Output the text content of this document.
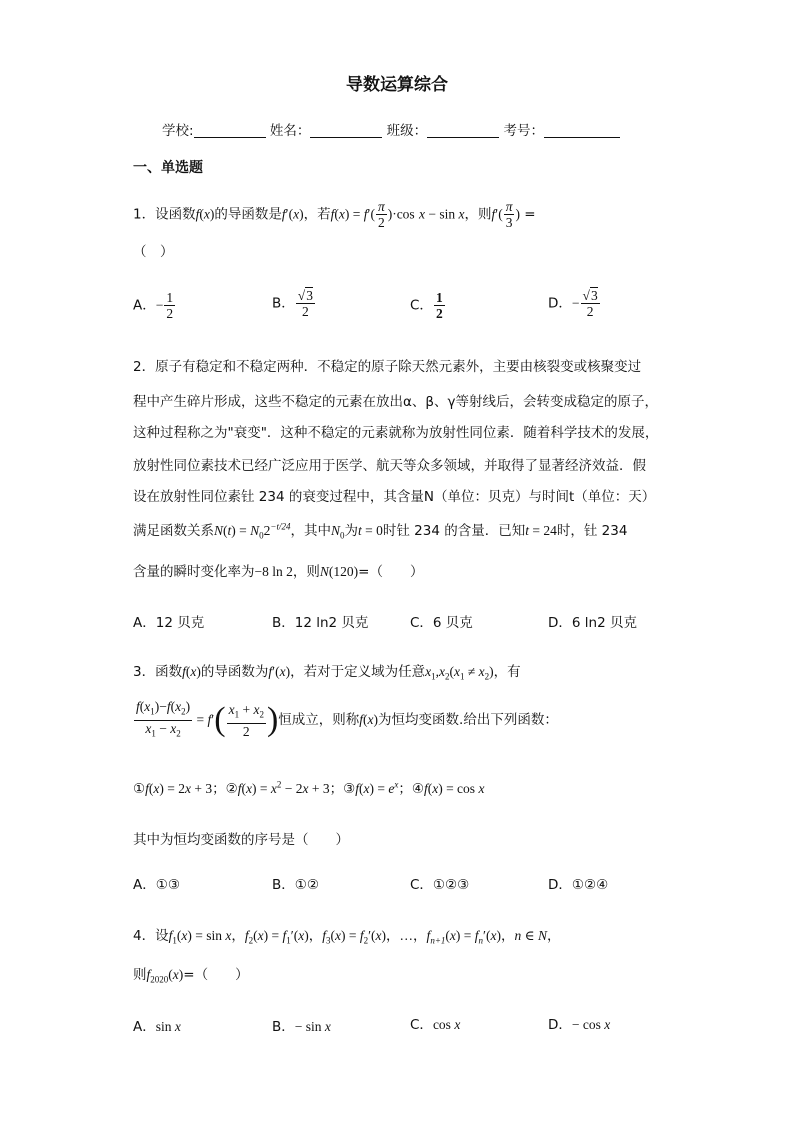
导数运算综合
学校:	姓名：	班级：	考号：
一、单选题
1．设函数f(x)的导函数是f′(x)，若$f(x) = f'( \frac{\pi}{2} )\cdot\cos$ x − sin x，则$f'( \frac{\pi}{3}$ ) =
（　）
A．− $\frac{1}{2}$	B． $\frac{√3}{2}$	C． $\frac{1}{2}$	D．− $\frac{√3}{2}$
2．原子有稳定和不稳定两种．不稳定的原子除天然元素外，主要由核裂变或核聚变过
程中产生碎片形成，这些不稳定的元素在放出α、β、γ等射线后，会转变成稳定的原子，
这种过程称之为"衰变"．这种不稳定的元素就称为放射性同位素．随着科学技术的发展，
放射性同位素技术已经广泛应用于医学、航天等众多领域，并取得了显著经济效益．假
设在放射性同位素钍 234 的衰变过程中，其含量N（单位：贝克）与时间t（单位：天）
满足函数关系$N(t) = N_02^{-t/24}$，其中$N_0$为t = 0时钍 234 的含量．已知t = 24时，钍 234
含量的瞬时变化率为−8 ln 2，则N(120)=（　　）
A．12 贝克	B．12 ln2 贝克	C．6 贝克	D．6 ln2 贝克
3．函数f(x)的导函数为f′(x)，若对于定义域为任意$x_1,x_2(x_1 \ne x_2)$，有
$\frac{f(x_1)-f(x_2)}{x_1 - x_2} = f'( \frac{x_1 + x_2}{2}$ )恒成立，则称f(x)为恒均变函数.给出下列函数：
①f(x) = 2x + 3；②f(x) = $x^2 - 2x + 3$；③f(x) = $e^x$；④f(x) = cos x
其中为恒均变函数的序号是（　　）
A．①③	B．①②	C．①②③	D．①②④
4．设$f_1(x) = \sin x$，$f_2(x) = f_1'(x)$，$f_3(x) = f_2'(x)$，…，$f_{n+1}(x) = f_n'(x)$，n ∈ N，
则$f_{2020}(x)=$（　　）
A．sin x	B．− sin x	C．cos x	D．− cos x
